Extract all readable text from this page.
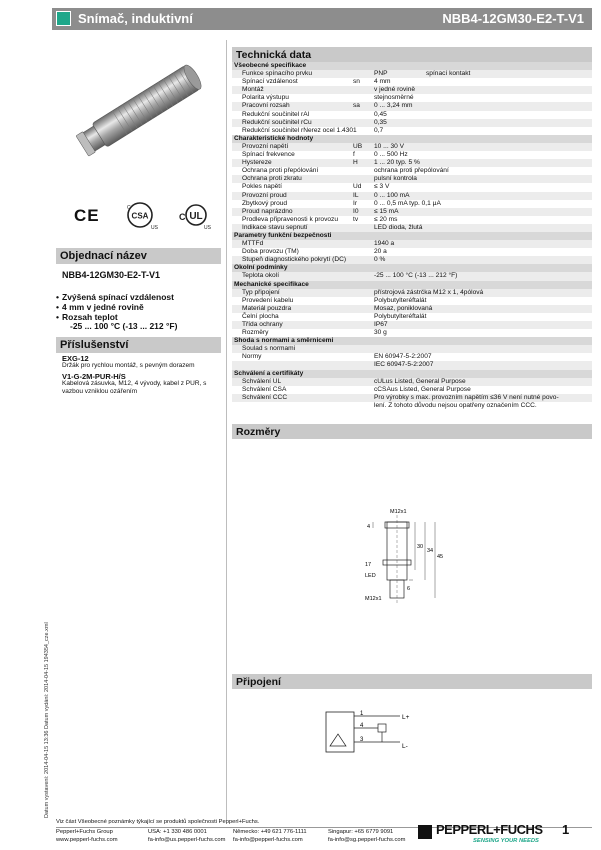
Snímač, induktivní	NBB4-12GM30-E2-T-V1
CE	CSA
C
US
UL
C
US
Objednací název
NBB4-12GM30-E2-T-V1
• Zvýšená spínací vzdálenost
• 4 mm v jedné rovině
• Rozsah teplot
-25 ... 100 °C (-13 ... 212 °F)
Příslušenství
EXG-12
Držák pro rychlou montáž, s pevným dorazem
V1-G-2M-PUR-H/S
Kabelová zásuvka, M12, 4 vývody, kabel z PUR, s vazbou vzniklou ozářením
Technická data
Všeobecné specifikace
Funkce spínacího prvku	PNP	spínací kontakt
Spínací vzdálenost	sn 4 mm
Montáž	v jedné rovině
Polarita výstupu	stejnosměrné
Pracovní rozsah	sa 0 ... 3,24 mm
Redukční součinitel rAl	0,45
Redukční součinitel rCu	0,35
Redukční součinitel rNerez ocel 1.4301	0,7
Charakteristické hodnoty
Provozní napětí	UB 10 ... 30 V
Spínací frekvence	f	0 ... 500 Hz
Hystereze	H 1 ... 20 typ. 5 %
Ochrana proti přepólování	ochrana proti přepólování
Ochrana proti zkratu	pulsní kontrola
Pokles napětí	Ud ≤ 3 V
Provozní proud	IL 0 ... 100 mA
Zbytkový proud	Ir	0 ... 0,5 mA typ. 0,1 μA
Proud naprázdno	I0 ≤ 15 mA
Prodleva připravenosti k provozu tv ≤ 20 ms
Indikace stavu sepnutí	LED dioda, žlutá
Parametry funkční bezpečnosti
MTTFd	1940 a
Doba provozu (TM)	20 a
Stupeň diagnostického pokrytí (DC)	0 %
Okolní podmínky
Teplota okolí	-25 ... 100 °C (-13 ... 212 °F)
Mechanické specifikace
Typ připojení	přístrojová zástrčka M12 x 1, 4pólová
Provedení kabelu	Polybutylteréftalát
Materiál pouzdra	Mosaz, poniklovaná
Čelní plocha	Polybutylteréftalát
Třída ochrany	IP67
Rozměry	30 g
Shoda s normami a směrnicemi
Soulad s normami
Normy	EN 60947-5-2:2007
IEC 60947-5-2:2007
Schválení a certifikáty
Schválení UL	cULus Listed, General Purpose
Schválení CSA	cCSAus Listed, General Purpose
Schválení CCC	Pro výrobky s max. provozním napětím ≤36 V není nutné povo-
lení. Z tohoto důvodu nejsou opatřeny označením CCC.
Rozměry
M12x1
4
30
34
45
17
LED
6
M12x1
Připojení
1
4
3
L+
L-
Datum vystavení: 2014-04-15 13:36 Datum vydání: 2014-04-15 194354_cze.xml
Viz část Všeobecné poznámky týkající se produktů společnosti Pepperl+Fuchs.
Pepperl+Fuchs Group
www.pepperl-fuchs.com
USA: +1 330 486 0001
fa-info@us.pepperl-fuchs.com
Německo: +49 621 776-1111
fa-info@pepperl-fuchs.com
Singapur: +65 6779 9091
fa-info@sg.pepperl-fuchs.com
PEPPERL+FUCHS
SENSING YOUR NEEDS
1
